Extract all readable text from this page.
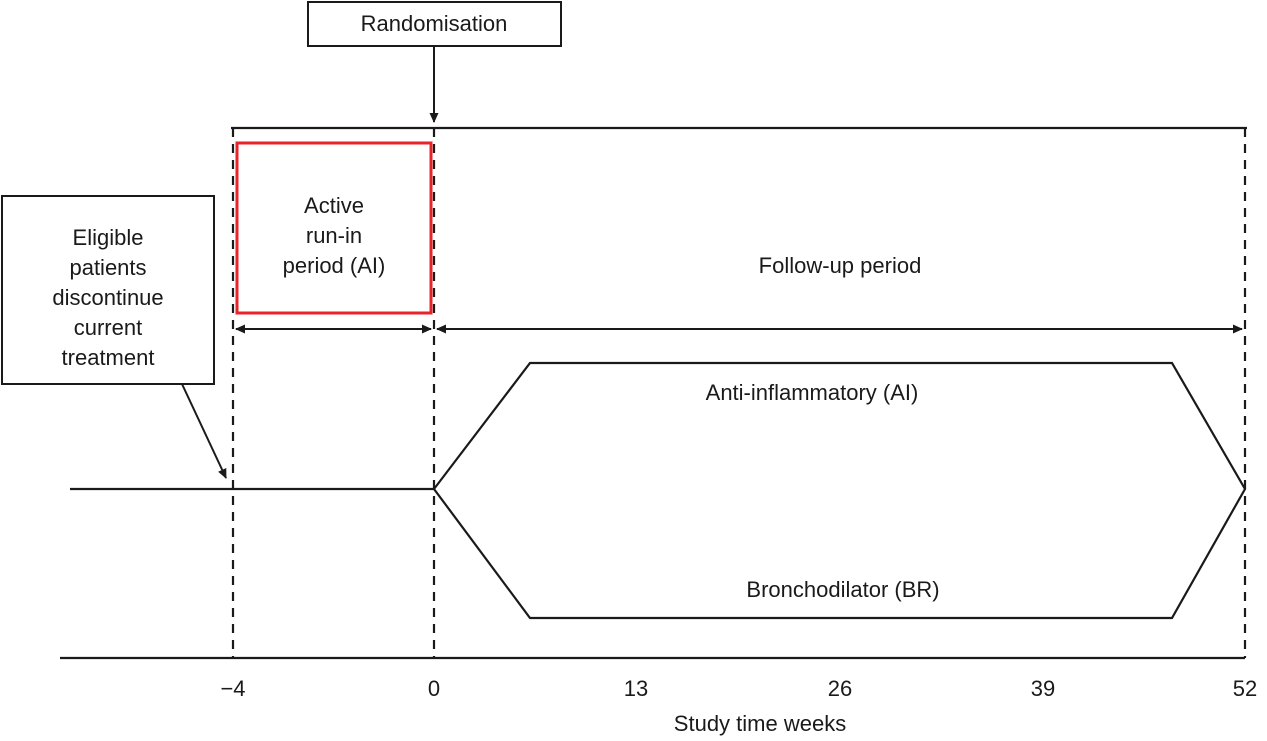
Randomisation
Active
run-in
period (AI)	Follow-up period
Eligible
patients
discontinue
current
treatment
Anti-inflammatory (AI)
Bronchodilator (BR)
−4	0	13	26	39	52
Study time weeks
